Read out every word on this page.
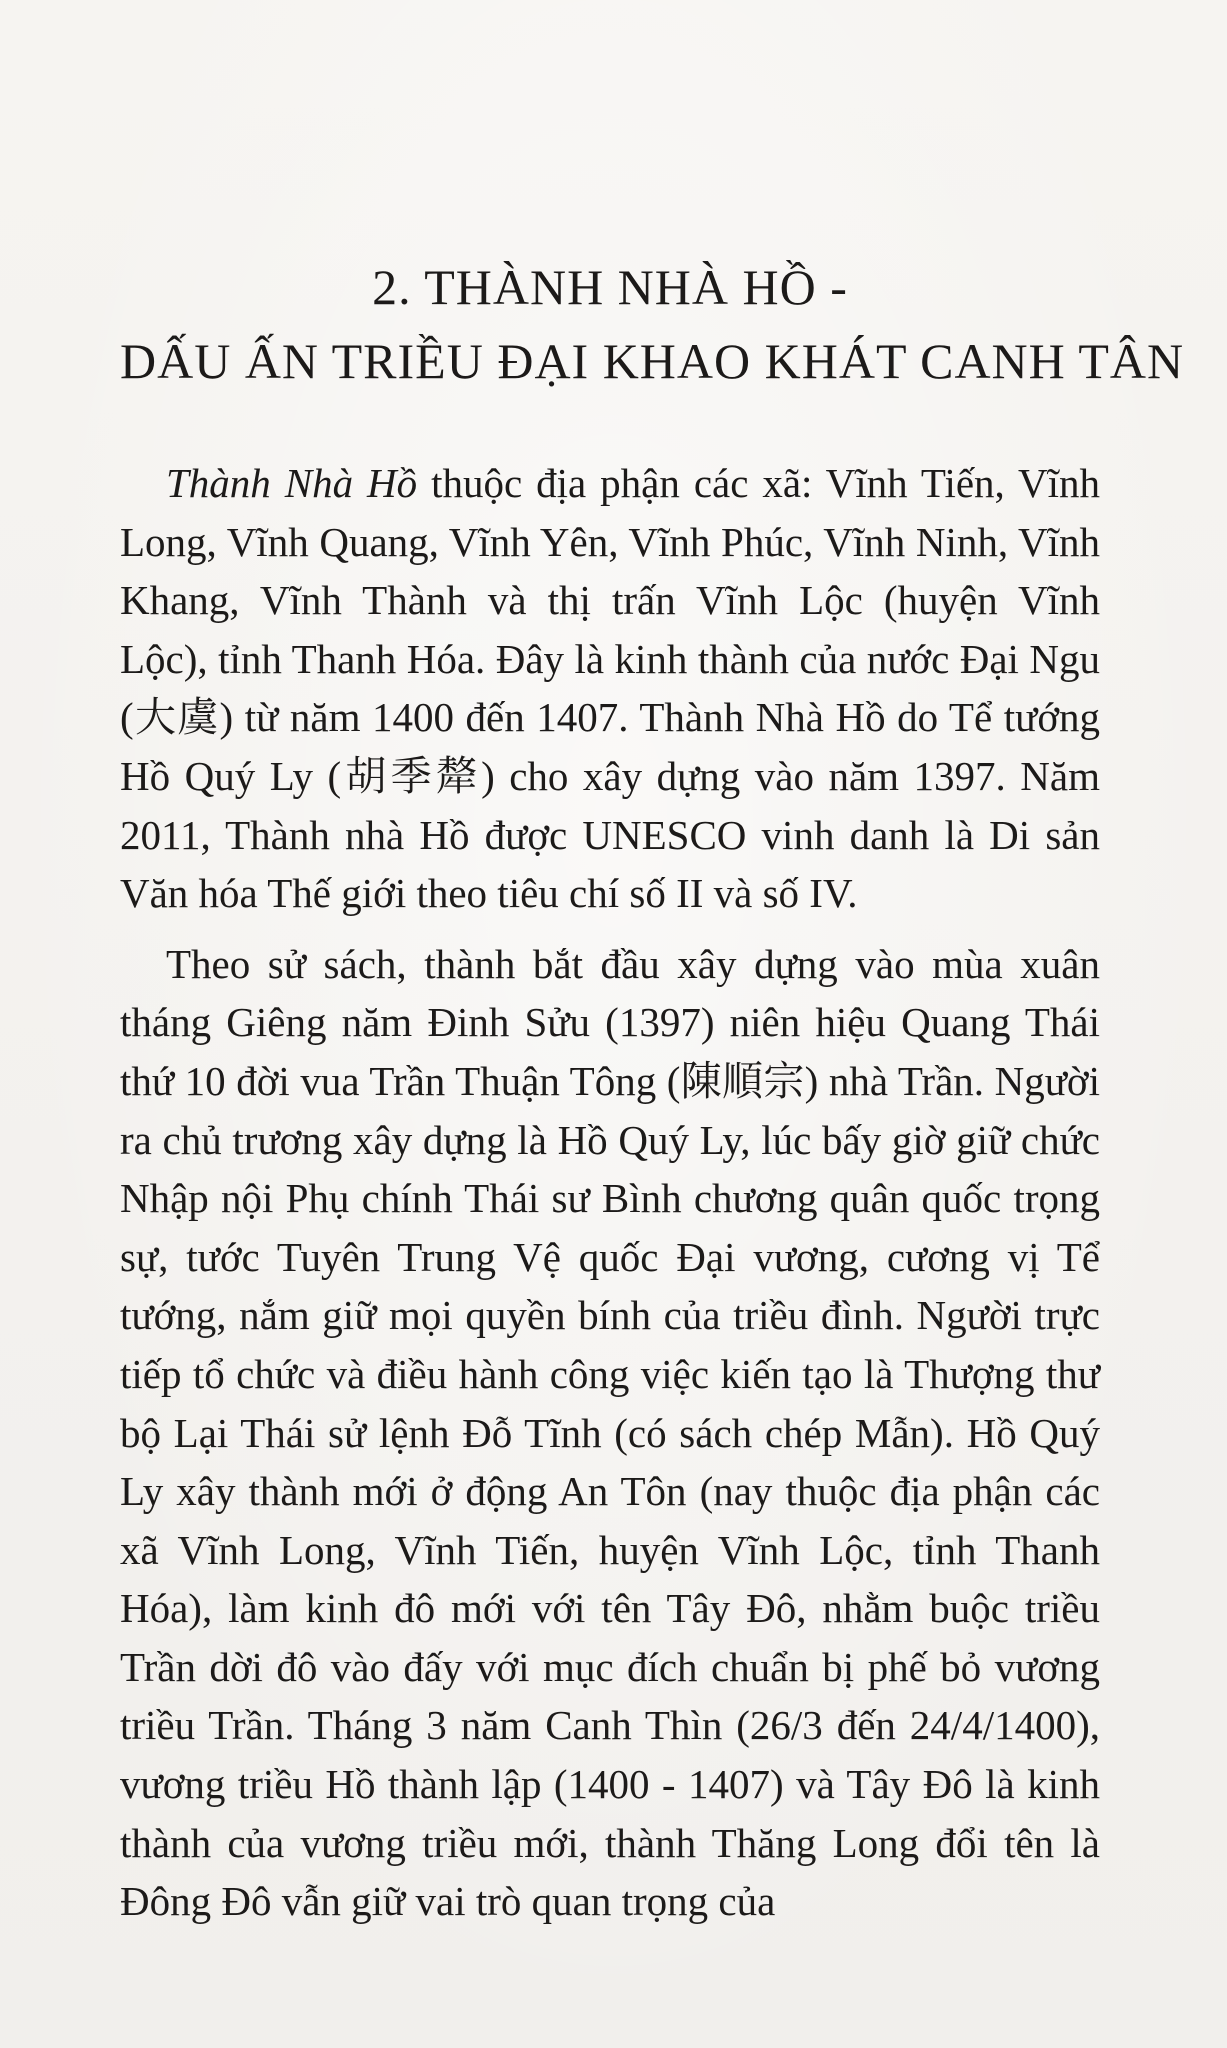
2. THÀNH NHÀ HỒ -
DẤU ẤN TRIỀU ĐẠI KHAO KHÁT CANH TÂN

Thành Nhà Hồ thuộc địa phận các xã: Vĩnh Tiến, Vĩnh Long, Vĩnh Quang, Vĩnh Yên, Vĩnh Phúc, Vĩnh Ninh, Vĩnh Khang, Vĩnh Thành và thị trấn Vĩnh Lộc (huyện Vĩnh Lộc), tỉnh Thanh Hóa. Đây là kinh thành của nước Đại Ngu (大虞) từ năm 1400 đến 1407. Thành Nhà Hồ do Tể tướng Hồ Quý Ly (胡季犛) cho xây dựng vào năm 1397. Năm 2011, Thành nhà Hồ được UNESCO vinh danh là Di sản Văn hóa Thế giới theo tiêu chí số II và số IV.

Theo sử sách, thành bắt đầu xây dựng vào mùa xuân tháng Giêng năm Đinh Sửu (1397) niên hiệu Quang Thái thứ 10 đời vua Trần Thuận Tông (陳順宗) nhà Trần. Người ra chủ trương xây dựng là Hồ Quý Ly, lúc bấy giờ giữ chức Nhập nội Phụ chính Thái sư Bình chương quân quốc trọng sự, tước Tuyên Trung Vệ quốc Đại vương, cương vị Tể tướng, nắm giữ mọi quyền bính của triều đình. Người trực tiếp tổ chức và điều hành công việc kiến tạo là Thượng thư bộ Lại Thái sử lệnh Đỗ Tĩnh (có sách chép Mẫn). Hồ Quý Ly xây thành mới ở động An Tôn (nay thuộc địa phận các xã Vĩnh Long, Vĩnh Tiến, huyện Vĩnh Lộc, tỉnh Thanh Hóa), làm kinh đô mới với tên Tây Đô, nhằm buộc triều Trần dời đô vào đấy với mục đích chuẩn bị phế bỏ vương triều Trần. Tháng 3 năm Canh Thìn (26/3 đến 24/4/1400), vương triều Hồ thành lập (1400 - 1407) và Tây Đô là kinh thành của vương triều mới, thành Thăng Long đổi tên là Đông Đô vẫn giữ vai trò quan trọng của
